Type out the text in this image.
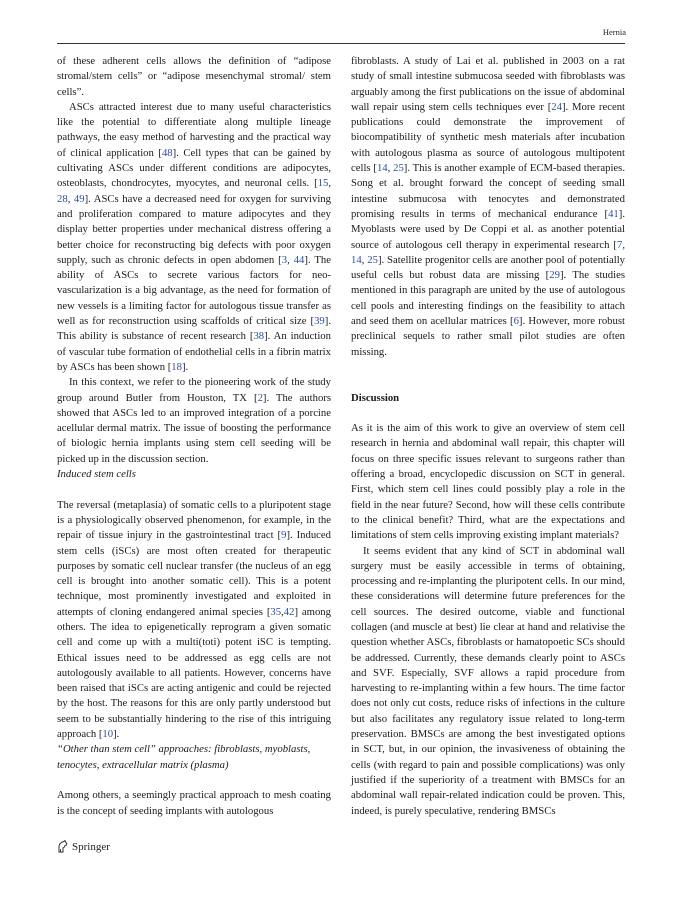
Hernia

of these adherent cells allows the definition of “adipose stromal/stem cells” or “adipose mesenchymal stromal/ stem cells”.

ASCs attracted interest due to many useful characteristics like the potential to differentiate along multiple lineage pathways, the easy method of harvesting and the practical way of clinical application [48]. Cell types that can be gained by cultivating ASCs under different conditions are adipocytes, osteoblasts, chondrocytes, myocytes, and neuronal cells. [15, 28, 49]. ASCs have a decreased need for oxygen for surviving and proliferation compared to mature adipocytes and they display better properties under mechanical distress offering a better choice for reconstructing big defects with poor oxygen supply, such as chronic defects in open abdomen [3, 44]. The ability of ASCs to secrete various factors for neo-vascularization is a big advantage, as the need for formation of new vessels is a limiting factor for autologous tissue transfer as well as for reconstruction using scaffolds of critical size [39]. This ability is substance of recent research [38]. An induction of vascular tube formation of endothelial cells in a fibrin matrix by ASCs has been shown [18].

In this context, we refer to the pioneering work of the study group around Butler from Houston, TX [2]. The authors showed that ASCs led to an improved integration of a porcine acellular dermal matrix. The issue of boosting the performance of biologic hernia implants using stem cell seeding will be picked up in the discussion section.

Induced stem cells

The reversal (metaplasia) of somatic cells to a pluripotent stage is a physiologically observed phenomenon, for example, in the repair of tissue injury in the gastrointestinal tract [9]. Induced stem cells (iSCs) are most often created for therapeutic purposes by somatic cell nuclear transfer (the nucleus of an egg cell is brought into another somatic cell). This is a potent technique, most prominently investigated and exploited in attempts of cloning endangered animal species [35,42] among others. The idea to epigenetically reprogram a given somatic cell and come up with a multi(toti) potent iSC is tempting. Ethical issues need to be addressed as egg cells are not autologously available to all patients. However, concerns have been raised that iSCs are acting antigenic and could be rejected by the host. The reasons for this are only partly understood but seem to be substantially hindering to the rise of this intriguing approach [10].

“Other than stem cell” approaches: fibroblasts, myoblasts, tenocytes, extracellular matrix (plasma)

Among others, a seemingly practical approach to mesh coating is the concept of seeding implants with autologous

fibroblasts. A study of Lai et al. published in 2003 on a rat study of small intestine submucosa seeded with fibroblasts was arguably among the first publications on the issue of abdominal wall repair using stem cells techniques ever [24]. More recent publications could demonstrate the improvement of biocompatibility of synthetic mesh materials after incubation with autologous plasma as source of autologous multipotent cells [14, 25]. This is another example of ECM-based therapies. Song et al. brought forward the concept of seeding small intestine submucosa with tenocytes and demonstrated promising results in terms of mechanical endurance [41]. Myoblasts were used by De Coppi et al. as another potential source of autologous cell therapy in experimental research [7, 14, 25]. Satellite progenitor cells are another pool of potentially useful cells but robust data are missing [29]. The studies mentioned in this paragraph are united by the use of autologous cell pools and interesting findings on the feasibility to attach and seed them on acellular matrices [6]. However, more robust preclinical sequels to rather small pilot studies are often missing.

Discussion

As it is the aim of this work to give an overview of stem cell research in hernia and abdominal wall repair, this chapter will focus on three specific issues relevant to surgeons rather than offering a broad, encyclopedic discussion on SCT in general. First, which stem cell lines could possibly play a role in the field in the near future? Second, how will these cells contribute to the clinical benefit? Third, what are the expectations and limitations of stem cells improving existing implant materials?

It seems evident that any kind of SCT in abdominal wall surgery must be easily accessible in terms of obtaining, processing and re-implanting the pluripotent cells. In our mind, these considerations will determine future preferences for the cell sources. The desired outcome, viable and functional collagen (and muscle at best) lie clear at hand and relativise the question whether ASCs, fibroblasts or hamatopoetic SCs should be addressed. Currently, these demands clearly point to ASCs and SVF. Especially, SVF allows a rapid procedure from harvesting to re-implanting within a few hours. The time factor does not only cut costs, reduce risks of infections in the culture but also facilitates any regulatory issue related to long-term preservation. BMSCs are among the best investigated options in SCT, but, in our opinion, the invasiveness of obtaining the cells (with regard to pain and possible complications) was only justified if the superiority of a treatment with BMSCs for an abdominal wall repair-related indication could be proven. This, indeed, is purely speculative, rendering BMSCs

Springer
